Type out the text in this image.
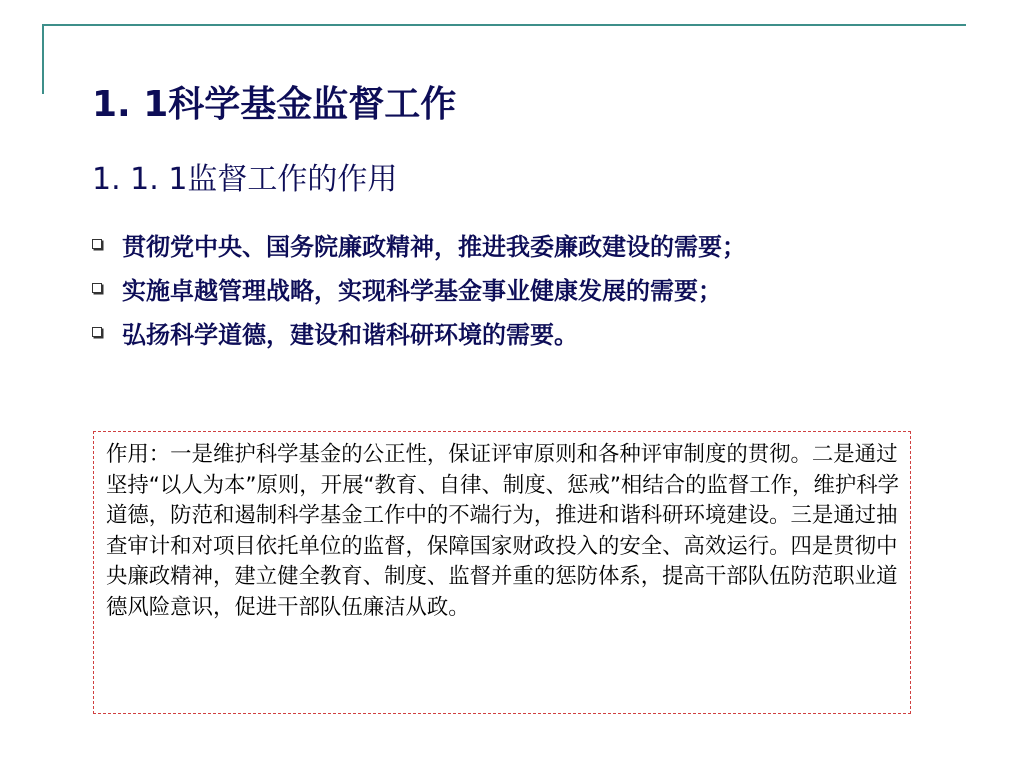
1. 1科学基金监督工作
1. 1. 1监督工作的作用
贯彻党中央、国务院廉政精神，推进我委廉政建设的需要；
实施卓越管理战略，实现科学基金事业健康发展的需要；
弘扬科学道德，建设和谐科研环境的需要。

作用：一是维护科学基金的公正性，保证评审原则和各种评审制度的贯彻。二是通过坚持“以人为本”原则，开展“教育、自律、制度、惩戒”相结合的监督工作，维护科学道德，防范和遏制科学基金工作中的不端行为，推进和谐科研环境建设。三是通过抽查审计和对项目依托单位的监督，保障国家财政投入的安全、高效运行。四是贯彻中央廉政精神，建立健全教育、制度、监督并重的惩防体系，提高干部队伍防范职业道德风险意识，促进干部队伍廉洁从政。
